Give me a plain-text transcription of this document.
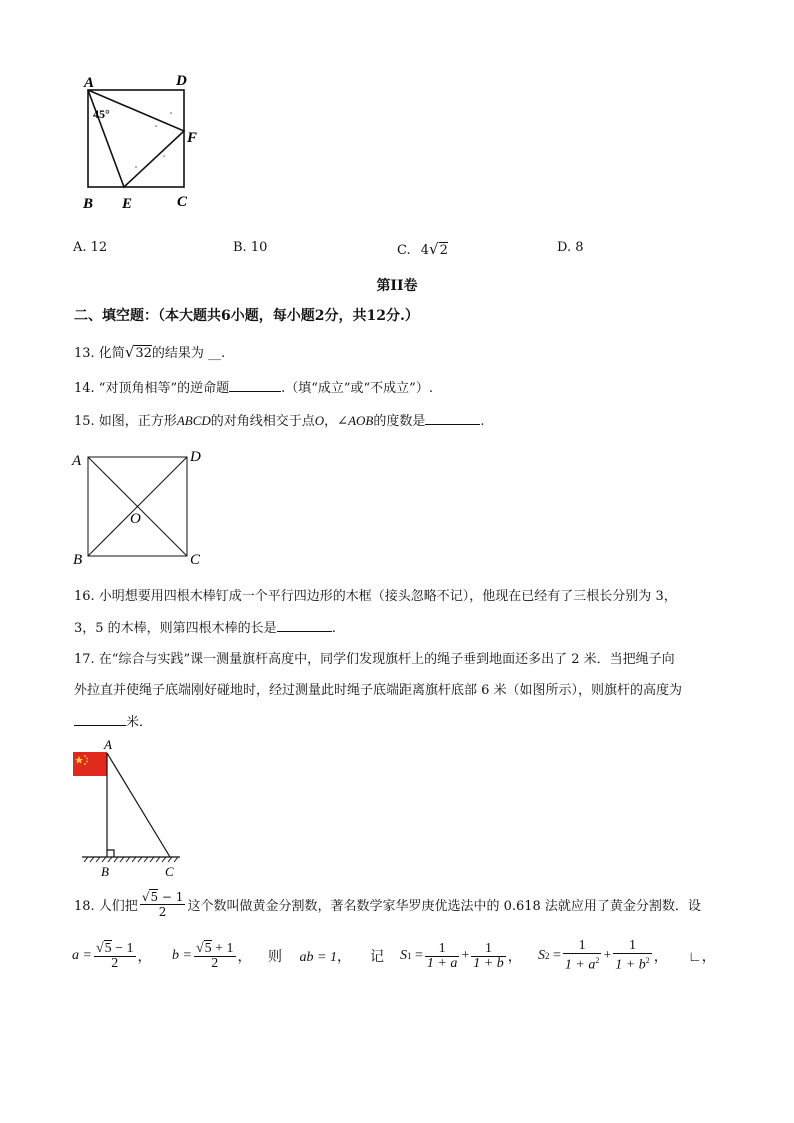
A	D
45°
F
B E	C
A. 12	B. 10	C. 4√2	D. 8
第II卷
二、填空题：（本大题共6小题，每小题2分，共12分.）
13. 化简√32的结果为 __.
14. “对顶角相等”的逆命题	.（填“成立”或“不成立”）.
15. 如图，正方形ABCD的对角线相交于点O，∠AOB的度数是	.
A	D
O
B	C
16. 小明想要用四根木棒钉成一个平行四边形的木框（接头忽略不记），他现在已经有了三根长分别为 3，
3，5 的木棒，则第四根木棒的长是	.
17. 在“综合与实践”课一测量旗杆高度中，同学们发现旗杆上的绳子垂到地面还多出了 2 米．当把绳子向
外拉直并使绳子底端刚好碰地时，经过测量此时绳子底端距离旗杆底部 6 米（如图所示），则旗杆的高度为
米．
A
B	C
18. 人们把 $\frac{√5 - 1}{2}$ 这个数叫做黄金分割数，著名数学家华罗庚优选法中的 0.618 法就应用了黄金分割数．设
$a = \frac{√5 - 1}{2}$ ， $b = \frac{√5 + 1}{2}$ ， 则 ab = 1， 记 S $1 = \frac{1}{1 + a} + \frac{1}{1 + b}$ ， S $2 = \frac{1}{1 + a^2} + \frac{1}{1 + b^2}$ ， ∟，
